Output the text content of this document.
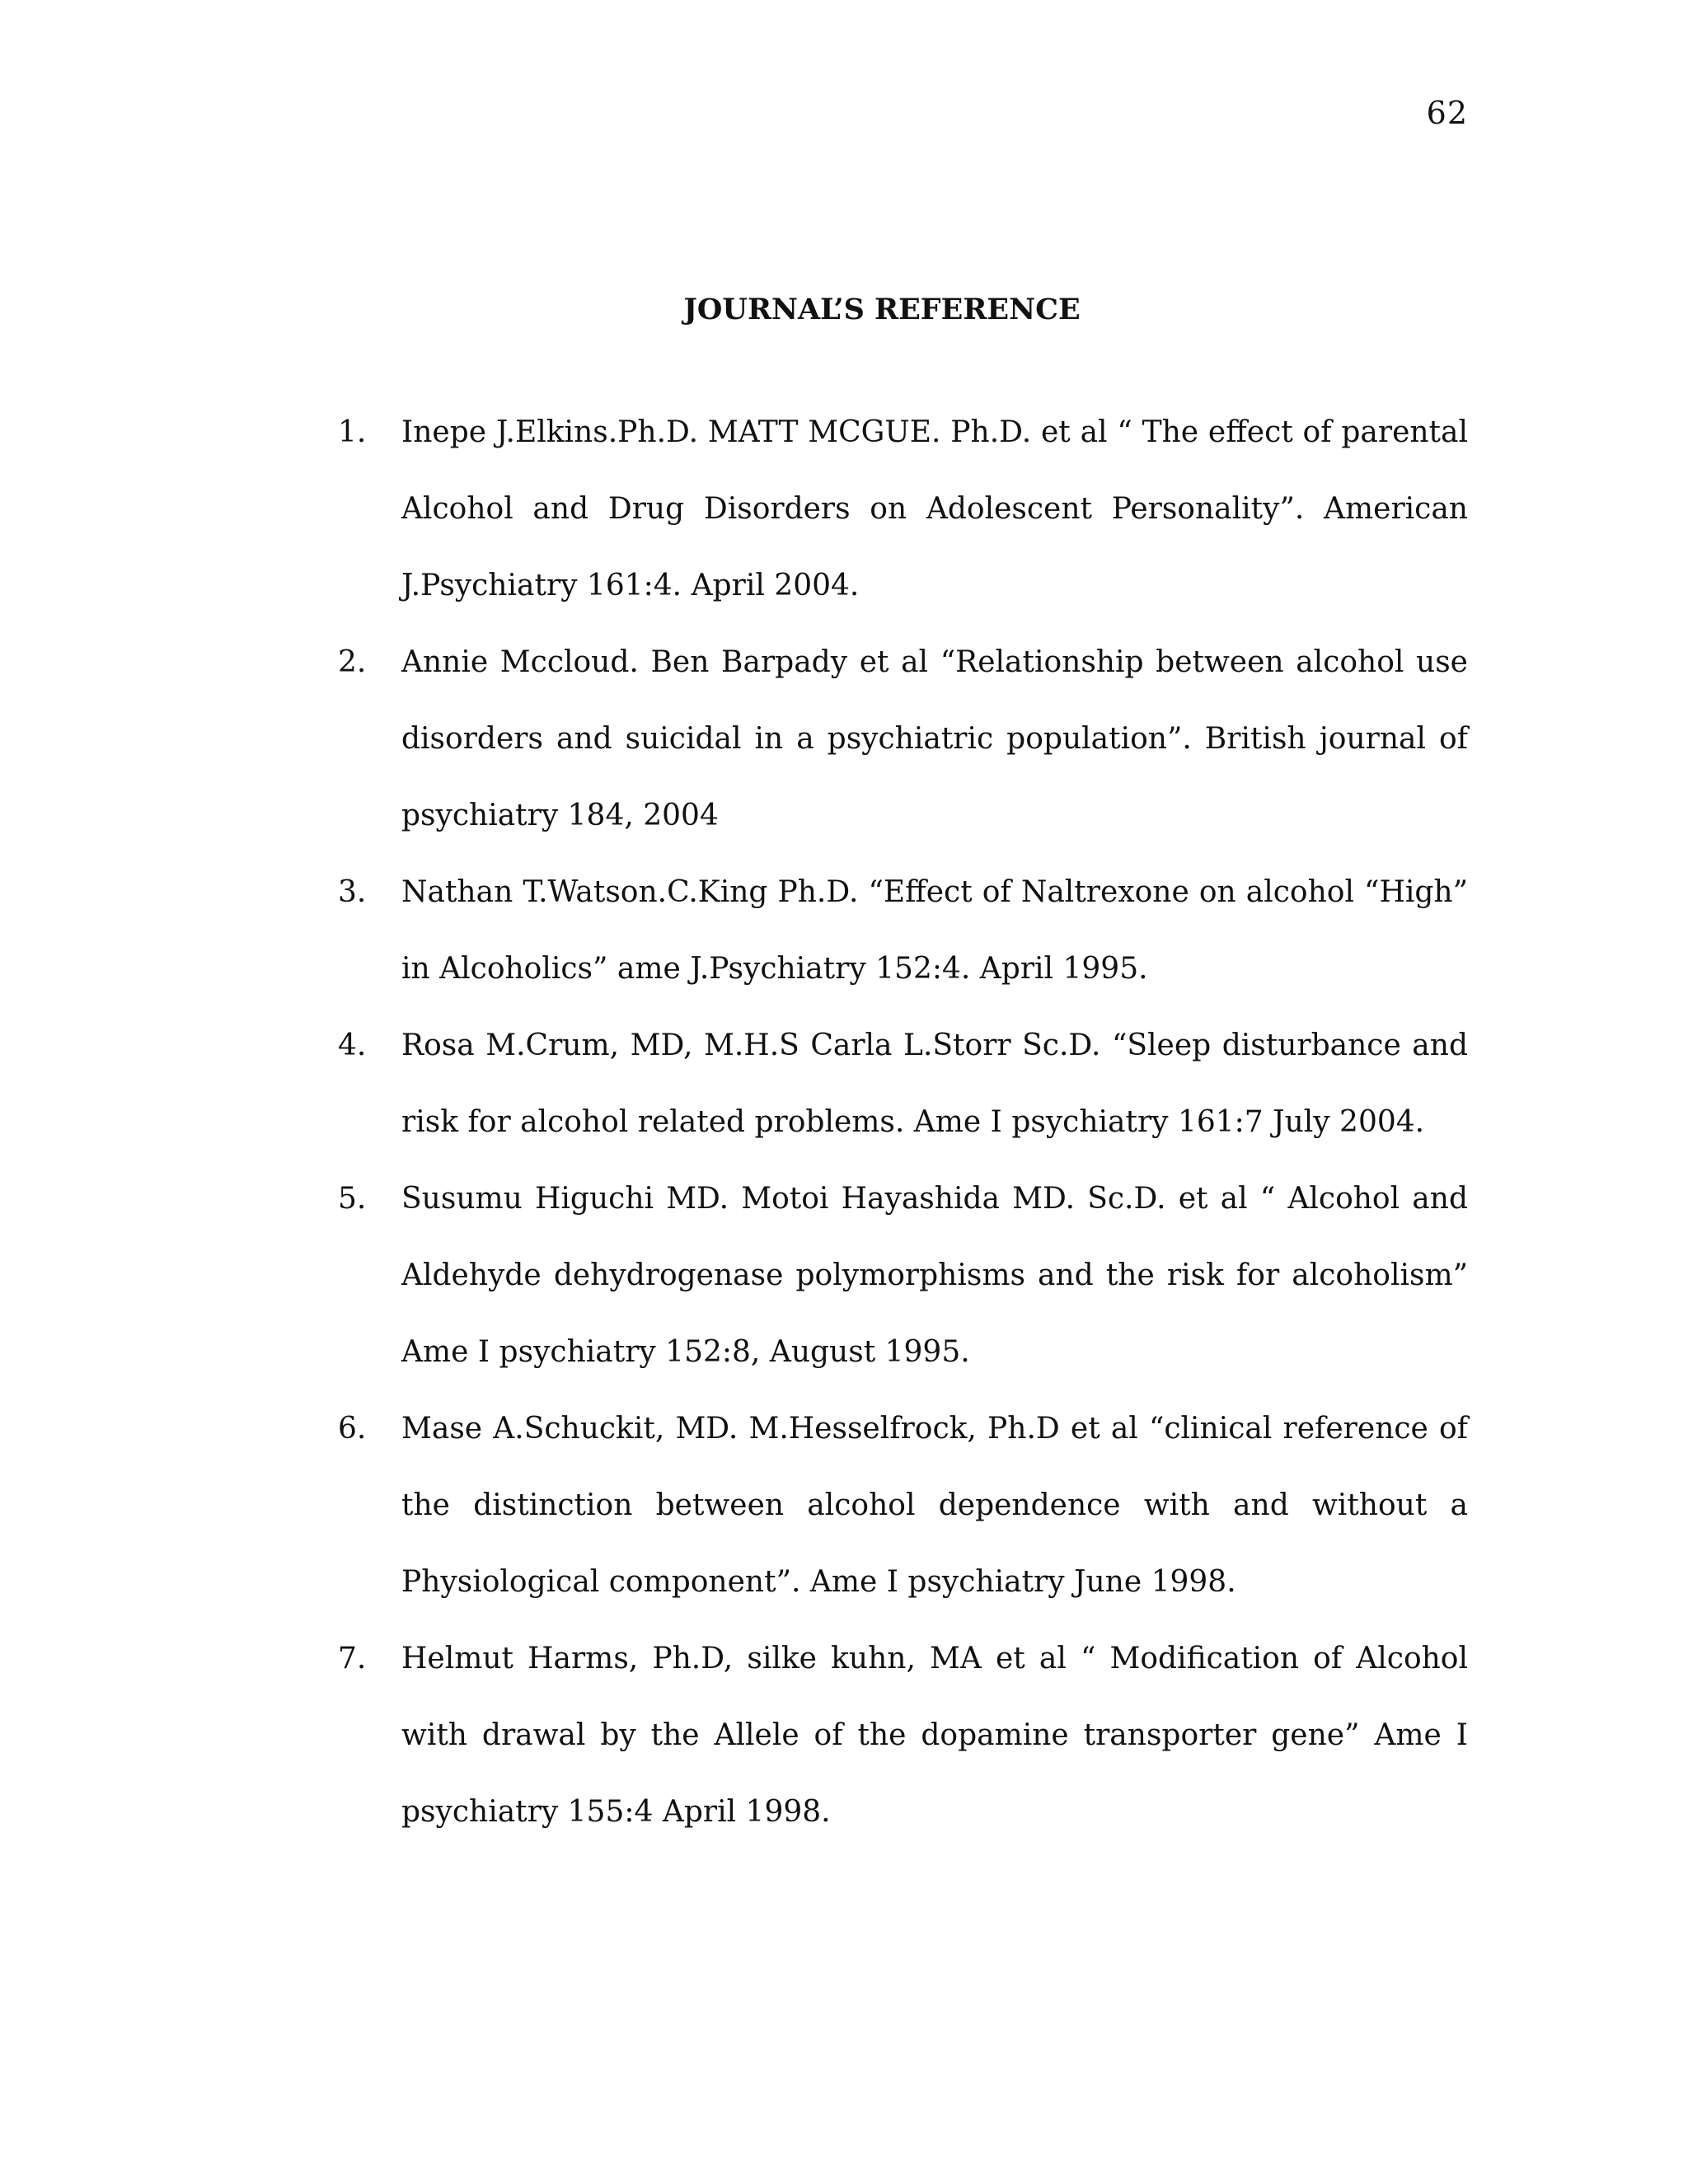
62
JOURNAL’S REFERENCE
1. Inepe J.Elkins.Ph.D. MATT MCGUE. Ph.D. et al “ The effect of parental Alcohol and Drug Disorders on Adolescent Personality”. American J.Psychiatry 161:4. April 2004.
2. Annie Mccloud. Ben Barpady et al “Relationship between alcohol use disorders and suicidal in a psychiatric population”. British journal of psychiatry 184, 2004
3. Nathan T.Watson.C.King Ph.D. “Effect of Naltrexone on alcohol “High” in Alcoholics” ame J.Psychiatry 152:4. April 1995.
4. Rosa M.Crum, MD, M.H.S Carla L.Storr Sc.D. “Sleep disturbance and risk for alcohol related problems. Ame I psychiatry 161:7 July 2004.
5. Susumu Higuchi MD. Motoi Hayashida MD. Sc.D. et al “ Alcohol and Aldehyde dehydrogenase polymorphisms and the risk for alcoholism” Ame I psychiatry 152:8, August 1995.
6. Mase A.Schuckit, MD. M.Hesselfrock, Ph.D et al “clinical reference of the distinction between alcohol dependence with and without a Physiological component”. Ame I psychiatry June 1998.
7. Helmut Harms, Ph.D, silke kuhn, MA et al “ Modification of Alcohol with drawal by the Allele of the dopamine transporter gene” Ame I psychiatry 155:4 April 1998.
